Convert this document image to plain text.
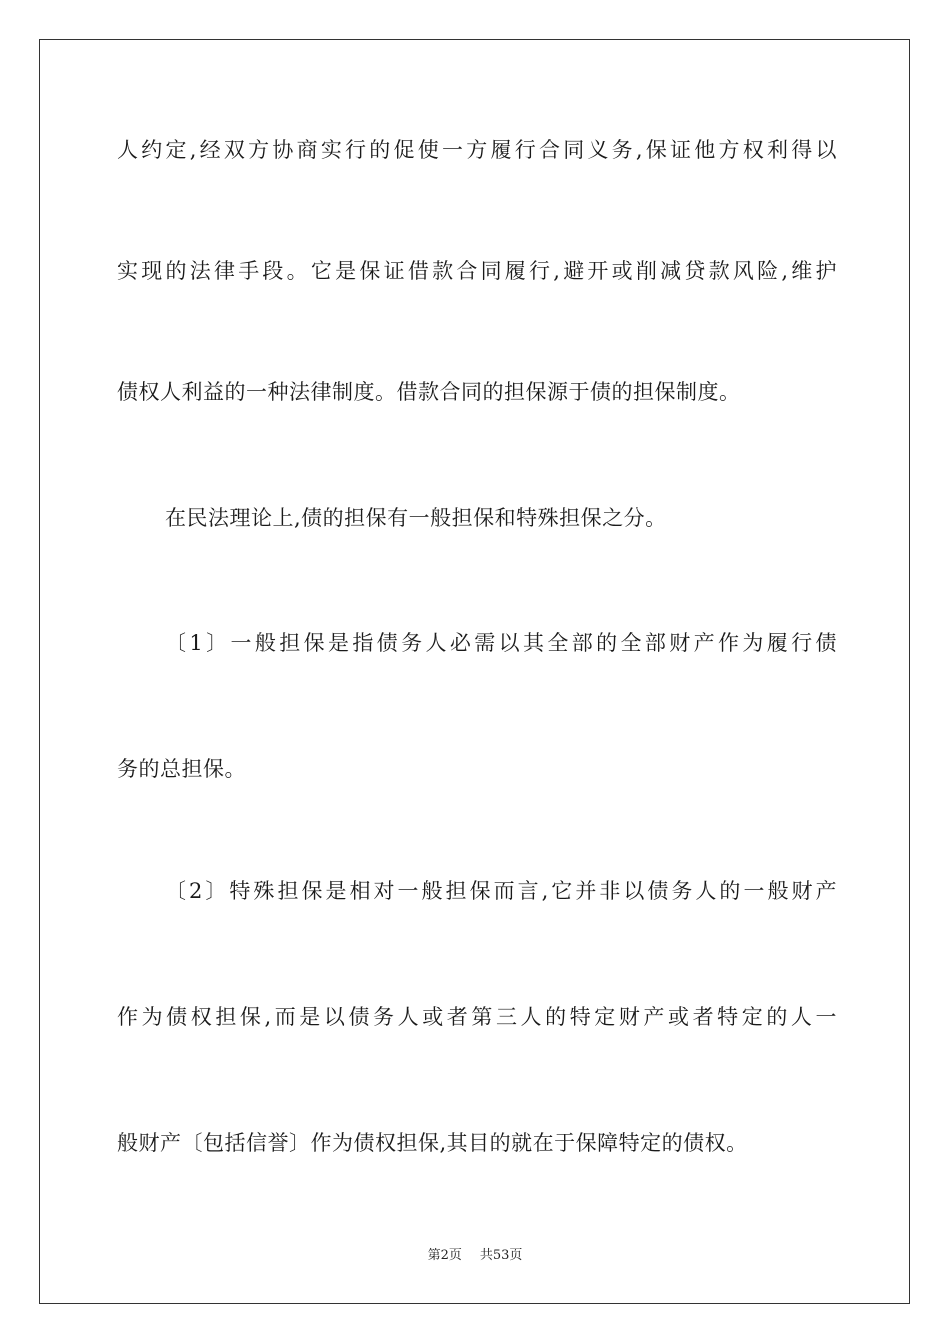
人约定,经双方协商实行的促使一方履行合同义务,保证他方权利得以
实现的法律手段。它是保证借款合同履行,避开或削减贷款风险,维护
债权人利益的一种法律制度。借款合同的担保源于债的担保制度。
在民法理论上,债的担保有一般担保和特殊担保之分。
〔1〕一般担保是指债务人必需以其全部的全部财产作为履行债
务的总担保。
〔2〕特殊担保是相对一般担保而言,它并非以债务人的一般财产
作为债权担保,而是以债务人或者第三人的特定财产或者特定的人一
般财产〔包括信誉〕作为债权担保,其目的就在于保障特定的债权。
第2页 共53页
